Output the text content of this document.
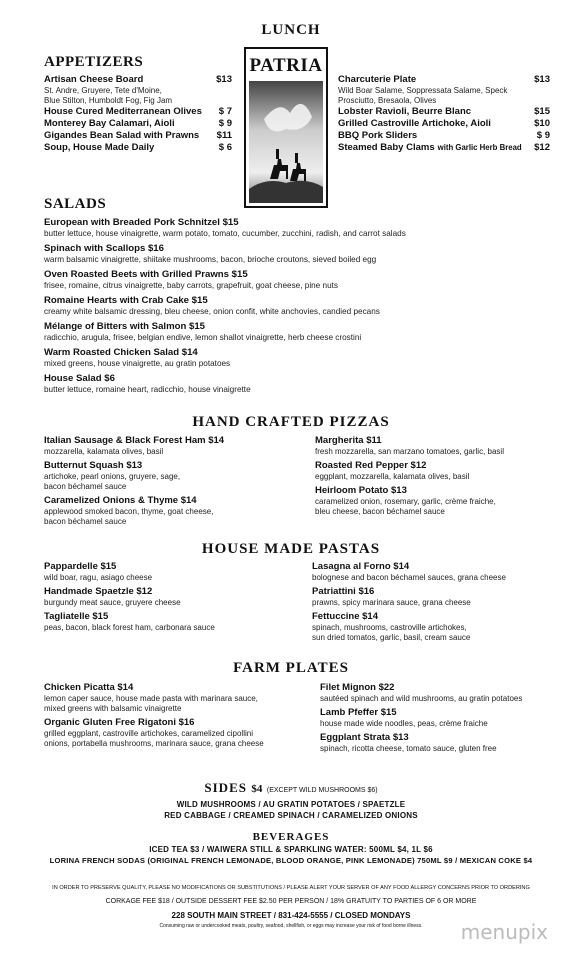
LUNCH
APPETIZERS
Artisan Cheese Board	$13
St. Andre, Gruyere, Tete d'Moine,
Blue Stilton, Humboldt Fog, Fig Jam
House Cured Mediterranean Olives $ 7
Monterey Bay Calamari, Aioli	$ 9
Gigandes Bean Salad with Prawns $11
Soup, House Made Daily	$ 6
PATRIA
Charcuterie Plate	$13
Wild Boar Salame, Soppressata Salame, Speck
Prosciutto, Bresaola, Olives
Lobster Ravioli, Beurre Blanc	$15
Grilled Castroville Artichoke, Aioli	$10
BBQ Pork Sliders	$ 9
Steamed Baby Clams with Garlic Herb Bread $12
SALADS
European with Breaded Pork Schnitzel $15
butter lettuce, house vinaigrette, warm potato, tomato, cucumber, zucchini, radish, and carrot salads
Spinach with Scallops $16
warm balsamic vinaigrette, shiitake mushrooms, bacon, brioche croutons, sieved boiled egg
Oven Roasted Beets with Grilled Prawns $15
frisee, romaine, citrus vinaigrette, baby carrots, grapefruit, goat cheese, pine nuts
Romaine Hearts with Crab Cake $15
creamy white balsamic dressing, bleu cheese, onion confit, white anchovies, candied pecans
Mélange of Bitters with Salmon $15
radicchio, arugula, frisee, belgian endive, lemon shallot vinaigrette, herb cheese crostini
Warm Roasted Chicken Salad $14
mixed greens, house vinaigrette, au gratin potatoes
House Salad $6
butter lettuce, romaine heart, radicchio, house vinaigrette
HAND CRAFTED PIZZAS
Italian Sausage & Black Forest Ham $14
mozzarella, kalamata olives, basil
Butternut Squash $13
artichoke, pearl onions, gruyere, sage,
bacon béchamel sauce
Caramelized Onions & Thyme $14
applewood smoked bacon, thyme, goat cheese,
bacon béchamel sauce
Margherita $11
fresh mozzarella, san marzano tomatoes, garlic, basil
Roasted Red Pepper $12
eggplant, mozzarella, kalamata olives, basil
Heirloom Potato $13
caramelized onion, rosemary, garlic, crème fraiche,
bleu cheese, bacon béchamel sauce
HOUSE MADE PASTAS
Pappardelle $15
wild boar, ragu, asiago cheese
Handmade Spaetzle $12
burgundy meat sauce, gruyere cheese
Tagliatelle $15
peas, bacon, black forest ham, carbonara sauce
Lasagna al Forno $14
bolognese and bacon béchamel sauces, grana cheese
Patriattini $16
prawns, spicy marinara sauce, grana cheese
Fettuccine $14
spinach, mushrooms, castroville artichokes,
sun dried tomatos, garlic, basil, cream sauce
FARM PLATES
Chicken Picatta $14
lemon caper sauce, house made pasta with marinara sauce,
mixed greens with balsamic vinaigrette
Organic Gluten Free Rigatoni $16
grilled eggplant, castroville artichokes, caramelized cipollini
onions, portabella mushrooms, marinara sauce, grana cheese
Filet Mignon $22
sautéed spinach and wild mushrooms, au gratin potatoes
Lamb Pfeffer $15
house made wide noodles, peas, crème fraiche
Eggplant Strata $13
spinach, ricotta cheese, tomato sauce, gluten free
SIDES $4 (EXCEPT WILD MUSHROOMS $6)
WILD MUSHROOMS / AU GRATIN POTATOES / SPAETZLE
RED CABBAGE / CREAMED SPINACH / CARAMELIZED ONIONS
BEVERAGES
ICED TEA $3 / WAIWERA STILL & SPARKLING WATER: 500ML $4, 1L $6
LORINA FRENCH SODAS (ORIGINAL FRENCH LEMONADE, BLOOD ORANGE, PINK LEMONADE) 750ML $9 / MEXICAN COKE $4
IN ORDER TO PRESERVE QUALITY, PLEASE NO MODIFICATIONS OR SUBSTITUTIONS / PLEASE ALERT YOUR SERVER OF ANY FOOD ALLERGY CONCERNS PRIOR TO ORDERING
CORKAGE FEE $18 / OUTSIDE DESSERT FEE $2.50 PER PERSON / 18% GRATUITY TO PARTIES OF 6 OR MORE
228 SOUTH MAIN STREET / 831-424-5555 / CLOSED MONDAYS
Consuming raw or undercooked meats, poultry, seafood, shellfish, or eggs may increase your risk of food borne illness.	menupix
